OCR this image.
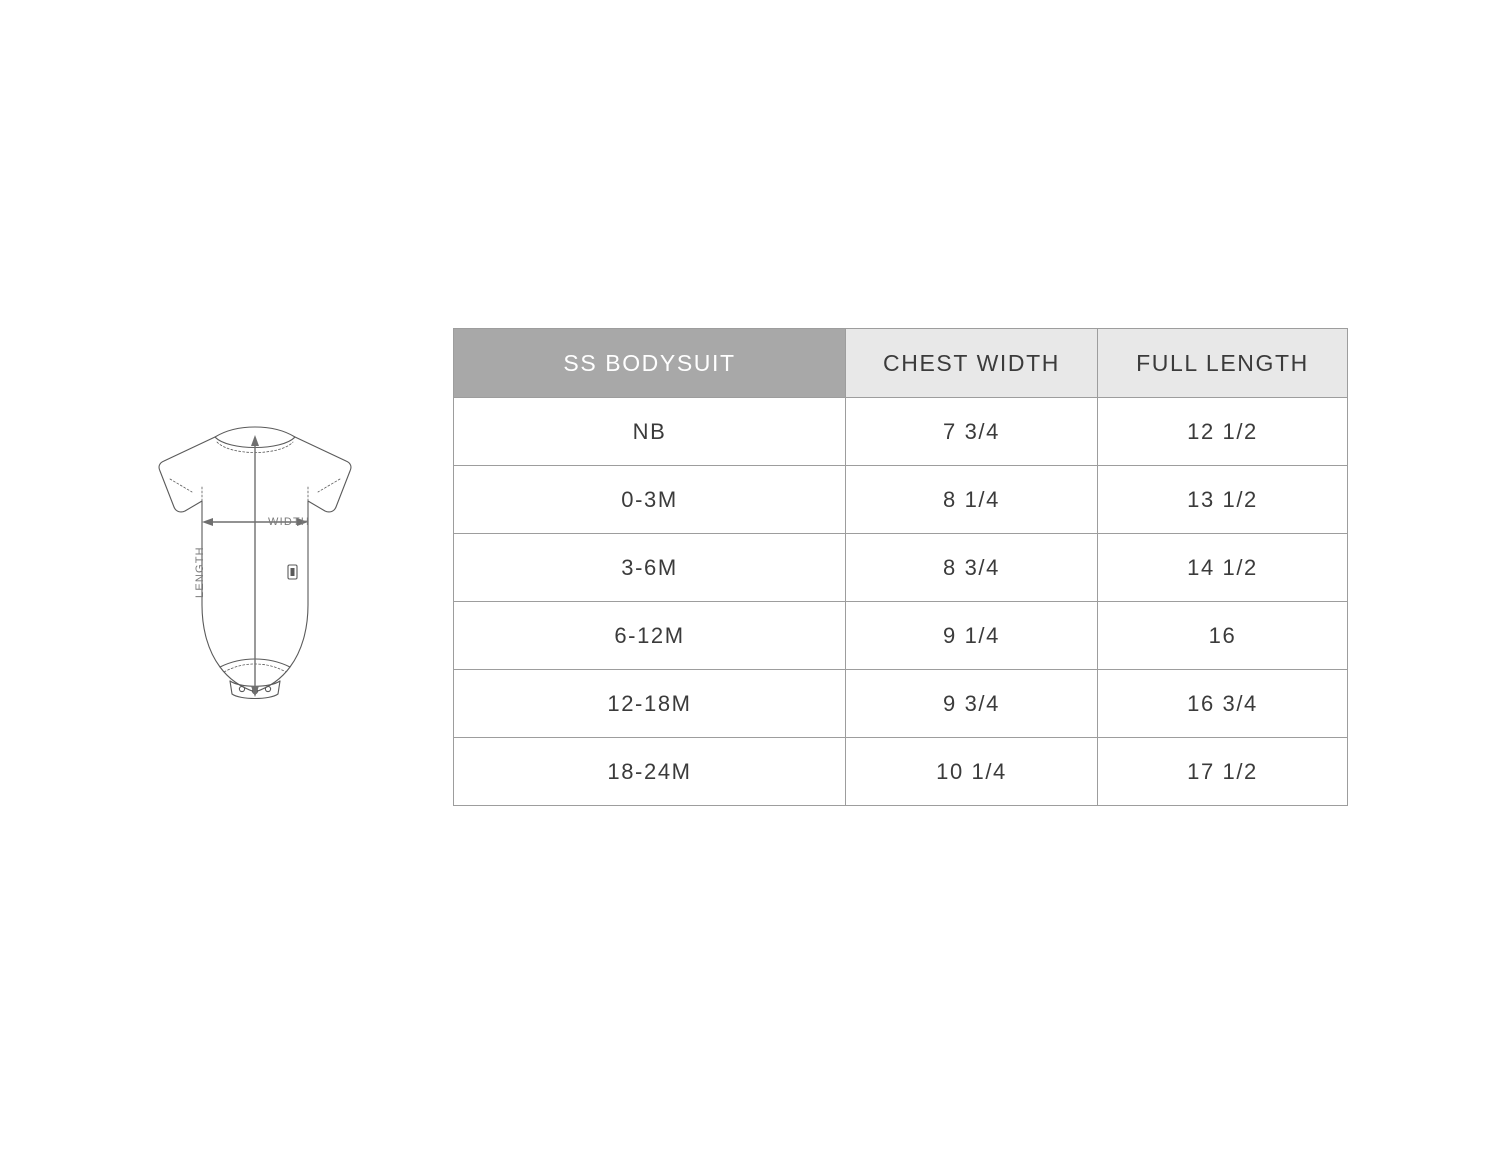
WIDTH
LENGTH
SS BODYSUIT	CHEST WIDTH	FULL LENGTH
NB	7 3/4	12 1/2
0-3M	8 1/4	13 1/2
3-6M	8 3/4	14 1/2
6-12M	9 1/4	16
12-18M	9 3/4	16 3/4
18-24M	10 1/4	17 1/2
